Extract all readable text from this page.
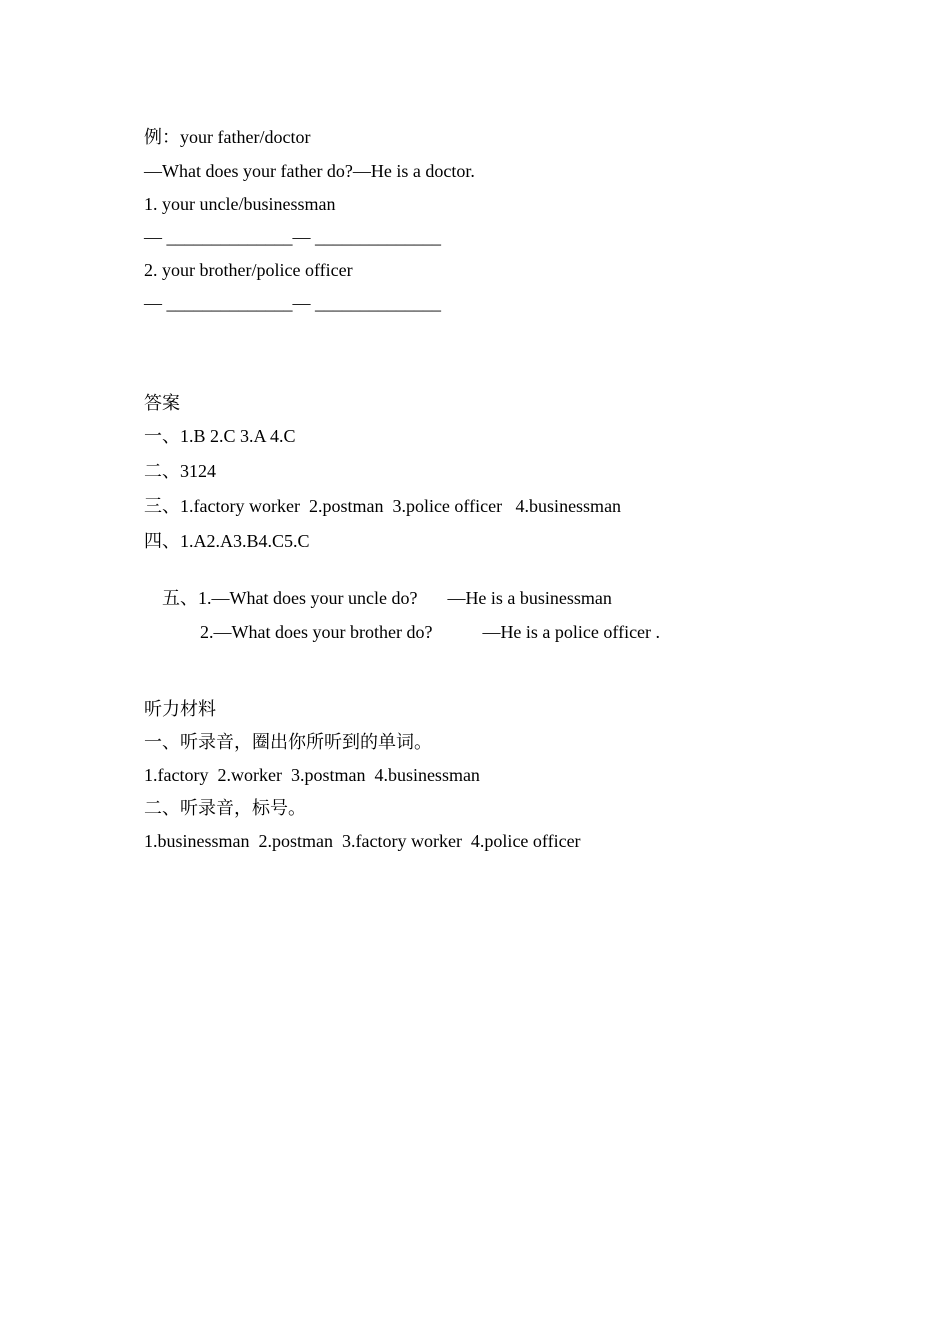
例：your father/doctor
—What does your father do?—He is a doctor.
1. your uncle/businessman
— ______________— ______________
2. your brother/police officer
— ______________— ______________
答案
一、1.B 2.C 3.A 4.C
二、3124
三、1.factory worker  2.postman  3.police officer   4.businessman
四、1.A2.A3.B4.C5.C

五、1.—What does your uncle do? —He is a businessman

2.—What does your brother do?	—He is a police officer .

听力材料
一、听录音，圈出你所听到的单词。
1.factory  2.worker  3.postman  4.businessman
二、听录音，标号。
1.businessman  2.postman  3.factory worker  4.police officer
